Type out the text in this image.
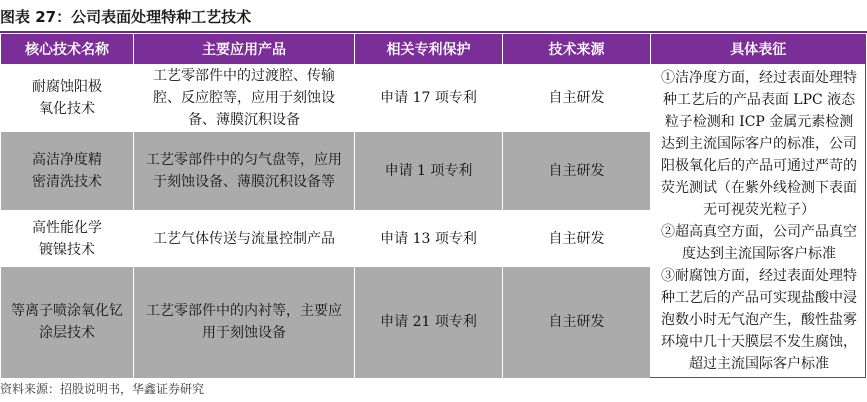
图表 27：公司表面处理特种工艺技术
核心技术名称	主要应用产品	相关专利保护	技术来源	具体表征

耐腐蚀阳极
氧化技术	工艺零部件中的过渡腔、传输腔、反应腔等，应用于刻蚀设备、薄膜沉积设备	申请 17 项专利	自主研发	①洁净度方面，经过表面处理特种工艺后的产品表面 LPC 液态粒子检测和 ICP 金属元素检测达到主流国际客户的标准，公司阳极氧化后的产品可通过严苛的荧光测试（在紫外线检测下表面无可视荧光粒子）
②超高真空方面，公司产品真空度达到主流国际客户标准
③耐腐蚀方面，经过表面处理特种工艺后的产品可实现盐酸中浸泡数小时无气泡产生，酸性盐雾环境中几十天膜层不发生腐蚀，超过主流国际客户标准

高洁净度精
密清洗技术	工艺零部件中的匀气盘等，应用于刻蚀设备、薄膜沉积设备等	申请 1 项专利	自主研发	

高性能化学
镀镍技术	工艺气体传送与流量控制产品	申请 13 项专利	自主研发	

等离子喷涂氧化钇
涂层技术	工艺零部件中的内衬等，主要应用于刻蚀设备	申请 21 项专利	自主研发	
资料来源：招股说明书，华鑫证券研究
